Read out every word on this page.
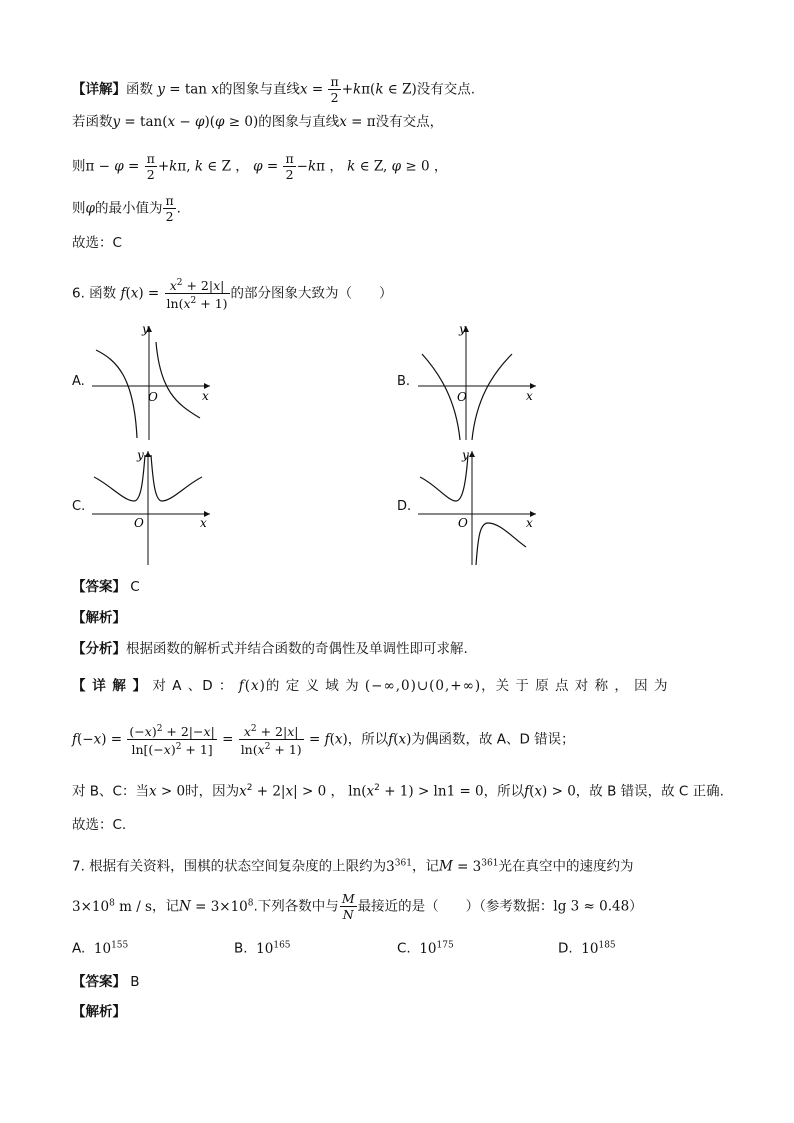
【详解】函数 y = tan x的图象与直线$x = \frac{\pi}{2} +k\pi(k$ ∈ Z)没有交点.
若函数y = tan(x − φ)(φ ≥ 0)的图象与直线x = π没有交点，
则$\pi - \varphi = \frac{\pi}{2} +k\pi$, k ∈ Z ， $\varphi = \frac{\pi}{2} -k\pi$ ， k ∈ Z, φ ≥ 0 ，
则φ的最小值为 $\frac{\pi}{2}$ .
故选：C
6. 函数 $f(x) = \frac{x^2 + 2|x|}{\ln(x^2 + 1)}$ 的部分图象大致为（　　）
A.
y
x
O
B.
y
x
O
C.
y
x
O
D.
y
x
O
【答案】 C
【解析】
【分析】根据函数的解析式并结合函数的奇偶性及单调性即可求解.
【 详 解 】 对 A 、D ： f(x)的 定 义 域 为 (−∞,0)∪(0,+∞)，关 于 原 点 对 称 ， 因 为
$f(-x) = \frac{(-x)^2 + 2|-x|}{\ln[(-x)^2 + 1]} = \frac{x^2 + 2|x|}{\ln(x^2 + 1)} = f(x)$，所以f(x)为偶函数，故 A、D 错误；
对 B、C：当x > 0时，因为$x^2 + 2|x| > 0$ ， $\ln(x^2 + 1) > \ln 1 = 0$，所以f(x) > 0，故 B 错误，故 C 正确.
故选：C.
7. 根据有关资料，围棋的状态空间复杂度的上限约为$3^{361}$，记$M = 3^{361}$光在真空中的速度约为
$3\times 10^8$ m / s，记$N = 3\times 10^8$.下列各数中与 $\frac{M}{N}$ 最接近的是（　　）（参考数据：lg 3 ≈ 0.48）
A. $10^{155}$	B. $10^{165}$	C. $10^{175}$	D. $10^{185}$
【答案】 B
【解析】
